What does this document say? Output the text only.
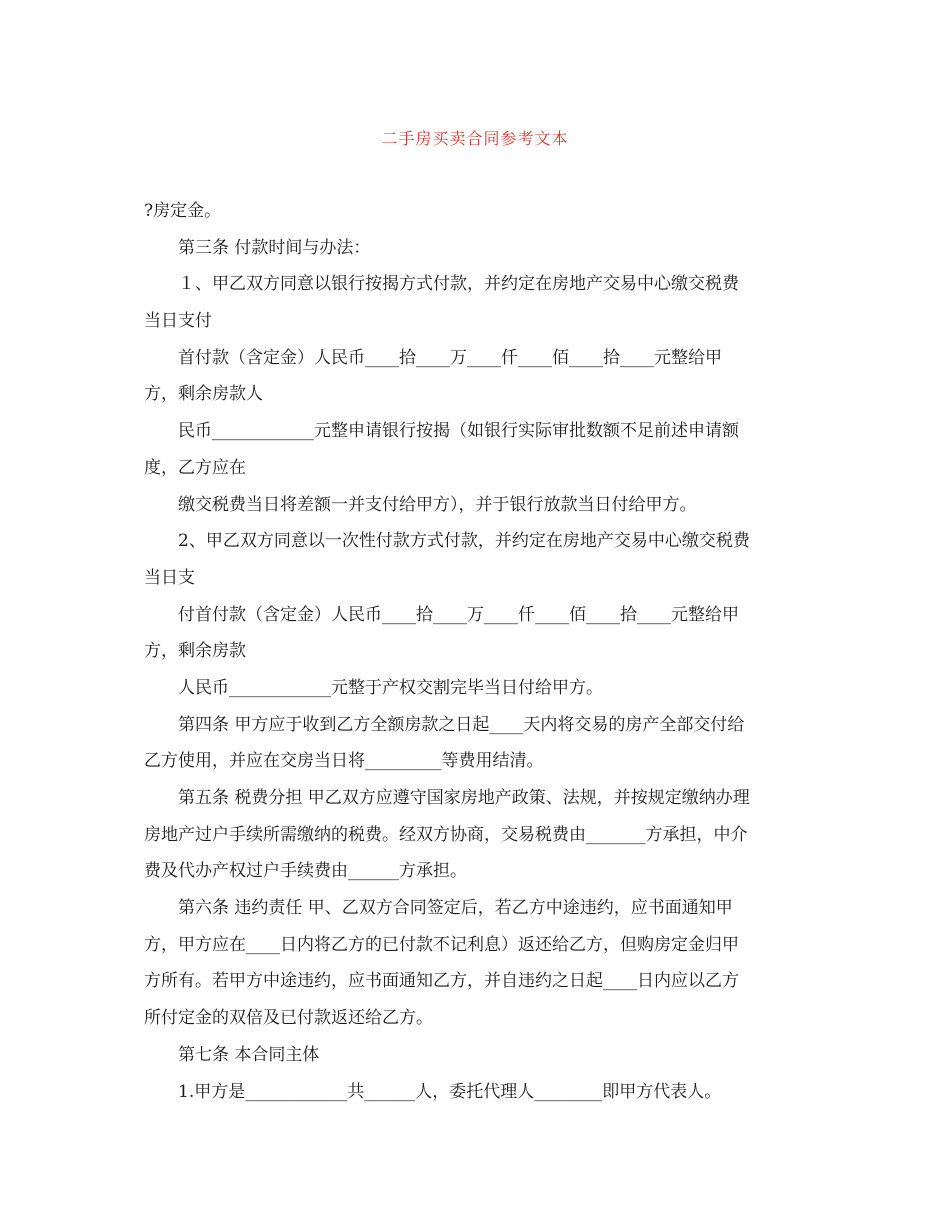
二手房买卖合同参考文本
?房定金。
第三条 付款时间与办法：
１、甲乙双方同意以银行按揭方式付款，并约定在房地产交易中心缴交税费
当日支付
首付款（含定金）人民币____拾____万____仟____佰____拾____元整给甲
方，剩余房款人
民币____________元整申请银行按揭（如银行实际审批数额不足前述申请额
度，乙方应在
缴交税费当日将差额一并支付给甲方），并于银行放款当日付给甲方。
2、甲乙双方同意以一次性付款方式付款，并约定在房地产交易中心缴交税费
当日支
付首付款（含定金）人民币____拾____万____仟____佰____拾____元整给甲
方，剩余房款
人民币____________元整于产权交割完毕当日付给甲方。
第四条 甲方应于收到乙方全额房款之日起____天内将交易的房产全部交付给
乙方使用，并应在交房当日将_________等费用结清。
第五条 税费分担 甲乙双方应遵守国家房地产政策、法规，并按规定缴纳办理
房地产过户手续所需缴纳的税费。经双方协商，交易税费由_______方承担，中介
费及代办产权过户手续费由______方承担。
第六条 违约责任 甲、乙双方合同签定后，若乙方中途违约，应书面通知甲
方，甲方应在____日内将乙方的已付款不记利息）返还给乙方，但购房定金归甲
方所有。若甲方中途违约，应书面通知乙方，并自违约之日起____日内应以乙方
所付定金的双倍及已付款返还给乙方。
第七条 本合同主体
1.甲方是____________共______人，委托代理人________即甲方代表人。
